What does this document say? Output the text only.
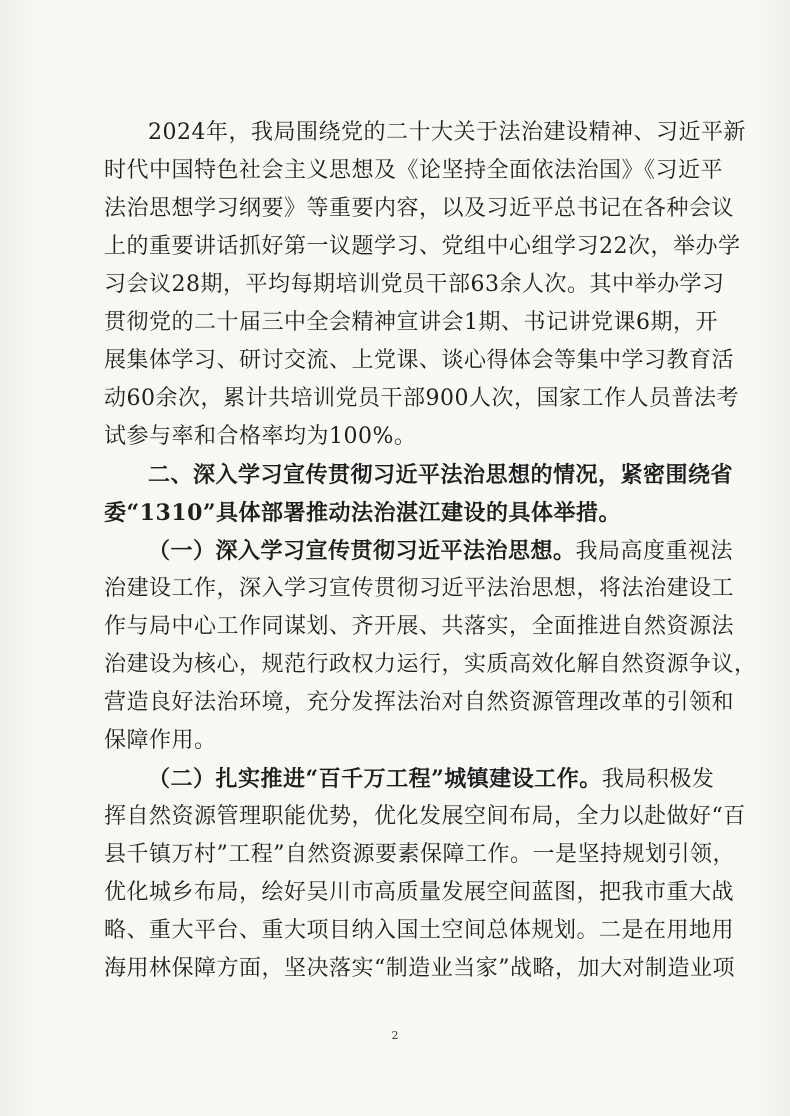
2024年，我局围绕党的二十大关于法治建设精神、习近平新
时代中国特色社会主义思想及《论坚持全面依法治国》《习近平
法治思想学习纲要》等重要内容，以及习近平总书记在各种会议
上的重要讲话抓好第一议题学习、党组中心组学习22次，举办学
习会议28期，平均每期培训党员干部63余人次。其中举办学习
贯彻党的二十届三中全会精神宣讲会1期、书记讲党课6期，开
展集体学习、研讨交流、上党课、谈心得体会等集中学习教育活
动60余次，累计共培训党员干部900人次，国家工作人员普法考
试参与率和合格率均为100%。
二、深入学习宣传贯彻习近平法治思想的情况，紧密围绕省
委“1310”具体部署推动法治湛江建设的具体举措。
（一）深入学习宣传贯彻习近平法治思想。我局高度重视法
治建设工作，深入学习宣传贯彻习近平法治思想，将法治建设工
作与局中心工作同谋划、齐开展、共落实，全面推进自然资源法
治建设为核心，规范行政权力运行，实质高效化解自然资源争议，
营造良好法治环境，充分发挥法治对自然资源管理改革的引领和
保障作用。
（二）扎实推进“百千万工程”城镇建设工作。我局积极发
挥自然资源管理职能优势，优化发展空间布局，全力以赴做好“百
县千镇万村”工程”自然资源要素保障工作。一是坚持规划引领，
优化城乡布局，绘好吴川市高质量发展空间蓝图，把我市重大战
略、重大平台、重大项目纳入国土空间总体规划。二是在用地用
海用林保障方面，坚决落实“制造业当家”战略，加大对制造业项
2
